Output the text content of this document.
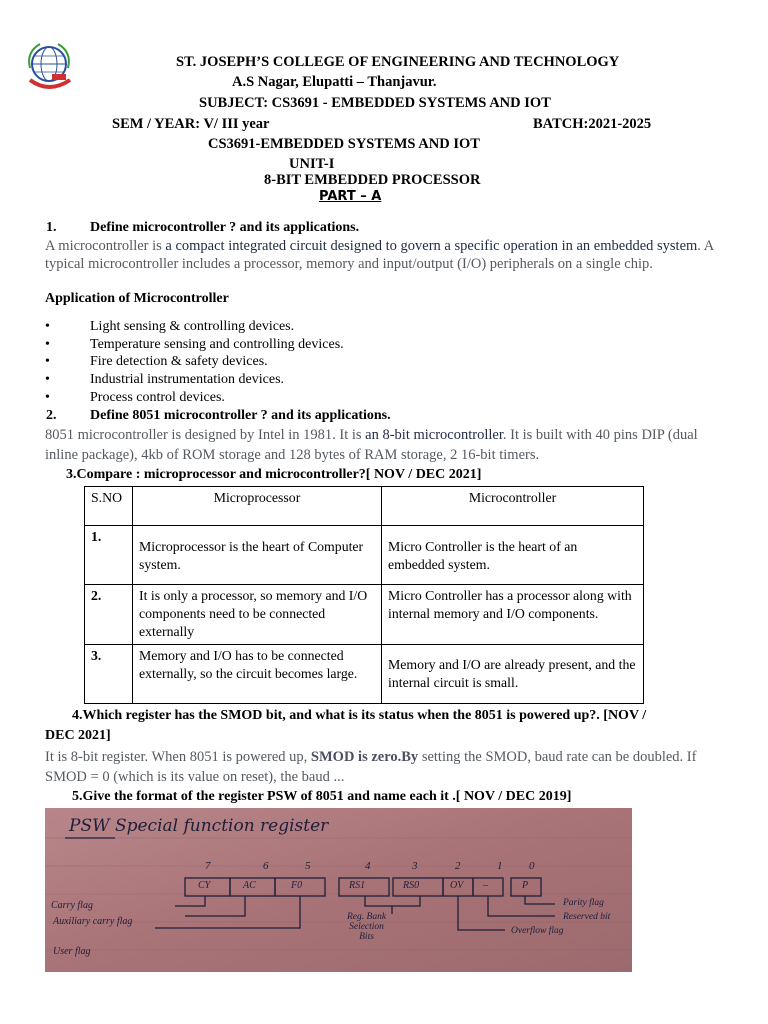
ST. JOSEPH’S COLLEGE OF ENGINEERING AND TECHNOLOGY
A.S Nagar, Elupatti – Thanjavur.
SUBJECT: CS3691 - EMBEDDED SYSTEMS AND IOT
SEM / YEAR: V/ III year	BATCH:2021-2025
CS3691-EMBEDDED SYSTEMS AND IOT
UNIT-I
8-BIT EMBEDDED PROCESSOR
PART – A
1. Define microcontroller ? and its applications.
A microcontroller is a compact integrated circuit designed to govern a specific operation in an embedded system. A typical microcontroller includes a processor, memory and input/output (I/O) peripherals on a single chip.
Application of Microcontroller
•	Light sensing & controlling devices.
•	Temperature sensing and controlling devices.
•	Fire detection & safety devices.
•	Industrial instrumentation devices.
•	Process control devices.
2. Define 8051 microcontroller ? and its applications.
8051 microcontroller is designed by Intel in 1981. It is an 8-bit microcontroller. It is built with 40 pins DIP (dual inline package), 4kb of ROM storage and 128 bytes of RAM storage, 2 16-bit timers.
3.Compare : microprocessor and microcontroller?[ NOV / DEC 2021]
S.NO	Microprocessor	Microcontroller
1.	Microprocessor is the heart of Computer system.	Micro Controller is the heart of an embedded system.
2.	It is only a processor, so memory and I/O components need to be connected externally	Micro Controller has a processor along with internal memory and I/O components.
3.	Memory and I/O has to be connected externally, so the circuit becomes large.	Memory and I/O are already present, and the internal circuit is small.
4.Which register has the SMOD bit, and what is its status when the 8051 is powered up?. [NOV /
DEC 2021]
It is 8-bit register. When 8051 is powered up, SMOD is zero.By setting the SMOD, baud rate can be doubled. If SMOD = 0 (which is its value on reset), the baud ...
5.Give the format of the register PSW of 8051 and name each it .[ NOV / DEC 2019]
PSW Special function register
7	6	5	4	3	2	1 0
CY	AC	F0	RS1	RS0	OV –	P
Carry flag
Auxiliary carry flag
User flag
Reg. Bank
Selection
Bits
Parity flag
Reserved bit
Overflow flag
